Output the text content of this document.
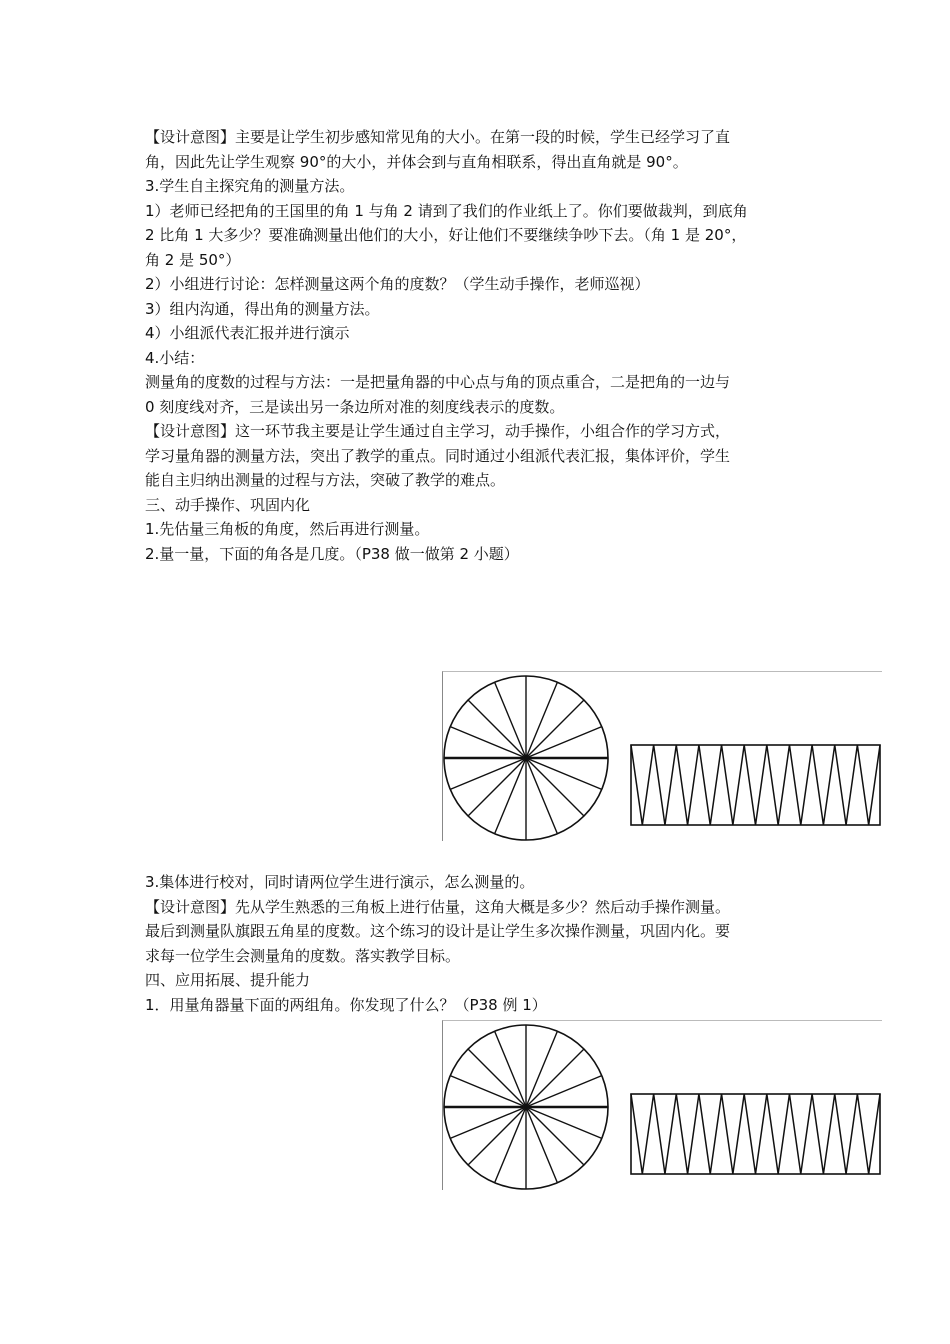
【设计意图】主要是让学生初步感知常见角的大小。在第一段的时候，学生已经学习了直

角，因此先让学生观察 90°的大小，并体会到与直角相联系，得出直角就是 90°。

3.学生自主探究角的测量方法。

1）老师已经把角的王国里的角 1 与角 2 请到了我们的作业纸上了。你们要做裁判，到底角

2 比角 1 大多少？要准确测量出他们的大小，好让他们不要继续争吵下去。（角 1 是 20°，

角 2 是 50°）

2）小组进行讨论：怎样测量这两个角的度数？（学生动手操作，老师巡视）

3）组内沟通，得出角的测量方法。

4）小组派代表汇报并进行演示

4.小结：

测量角的度数的过程与方法：一是把量角器的中心点与角的顶点重合，二是把角的一边与

0 刻度线对齐，三是读出另一条边所对准的刻度线表示的度数。

【设计意图】这一环节我主要是让学生通过自主学习，动手操作，小组合作的学习方式，

学习量角器的测量方法，突出了教学的重点。同时通过小组派代表汇报，集体评价，学生

能自主归纳出测量的过程与方法，突破了教学的难点。

三、动手操作、巩固内化

1.先估量三角板的角度，然后再进行测量。

2.量一量，下面的角各是几度。（P38 做一做第 2 小题）

3.集体进行校对，同时请两位学生进行演示，怎么测量的。

【设计意图】先从学生熟悉的三角板上进行估量，这角大概是多少？然后动手操作测量。

最后到测量队旗跟五角星的度数。这个练习的设计是让学生多次操作测量，巩固内化。要

求每一位学生会测量角的度数。落实教学目标。

四、应用拓展、提升能力

1．用量角器量下面的两组角。你发现了什么？（P38 例 1）
